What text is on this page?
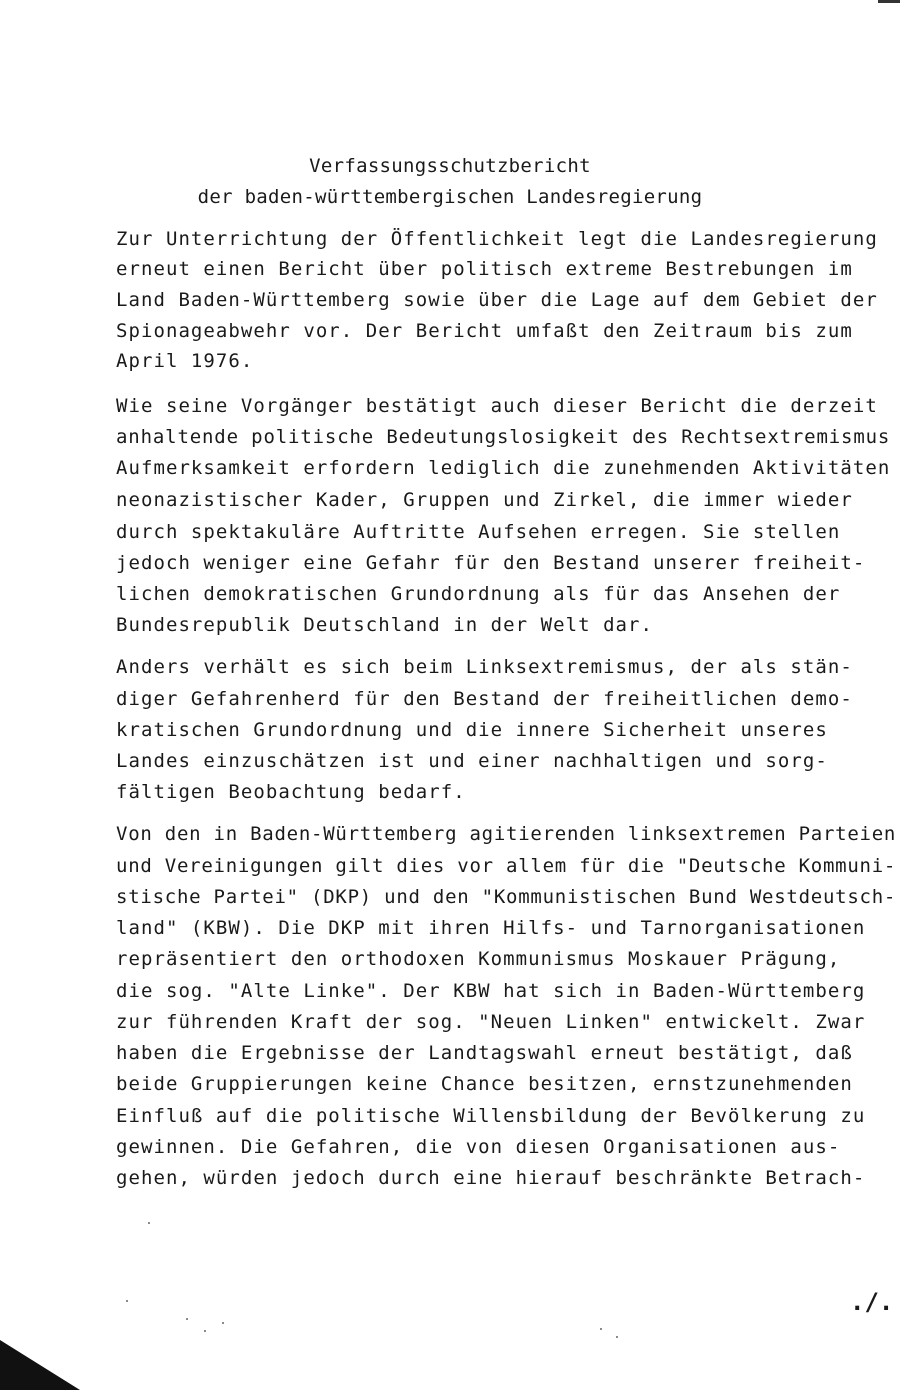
Verfassungsschutzbericht
der baden-württembergischen Landesregierung
Zur Unterrichtung der Öffentlichkeit legt die Landesregierung
erneut einen Bericht über politisch extreme Bestrebungen im
Land Baden-Württemberg sowie über die Lage auf dem Gebiet der
Spionageabwehr vor. Der Bericht umfaßt den Zeitraum bis zum
April 1976.
Wie seine Vorgänger bestätigt auch dieser Bericht die derzeit
anhaltende politische Bedeutungslosigkeit des Rechtsextremismus
Aufmerksamkeit erfordern lediglich die zunehmenden Aktivitäten
neonazistischer Kader, Gruppen und Zirkel, die immer wieder
durch spektakuläre Auftritte Aufsehen erregen. Sie stellen
jedoch weniger eine Gefahr für den Bestand unserer freiheit-
lichen demokratischen Grundordnung als für das Ansehen der
Bundesrepublik Deutschland in der Welt dar.
Anders verhält es sich beim Linksextremismus, der als stän-
diger Gefahrenherd für den Bestand der freiheitlichen demo-
kratischen Grundordnung und die innere Sicherheit unseres
Landes einzuschätzen ist und einer nachhaltigen und sorg-
fältigen Beobachtung bedarf.
Von den in Baden-Württemberg agitierenden linksextremen Parteien
und Vereinigungen gilt dies vor allem für die "Deutsche Kommuni-
stische Partei" (DKP) und den "Kommunistischen Bund Westdeutsch-
land" (KBW). Die DKP mit ihren Hilfs- und Tarnorganisationen
repräsentiert den orthodoxen Kommunismus Moskauer Prägung,
die sog. "Alte Linke". Der KBW hat sich in Baden-Württemberg
zur führenden Kraft der sog. "Neuen Linken" entwickelt. Zwar
haben die Ergebnisse der Landtagswahl erneut bestätigt, daß
beide Gruppierungen keine Chance besitzen, ernstzunehmenden
Einfluß auf die politische Willensbildung der Bevölkerung zu
gewinnen. Die Gefahren, die von diesen Organisationen aus-
gehen, würden jedoch durch eine hierauf beschränkte Betrach-
./.
